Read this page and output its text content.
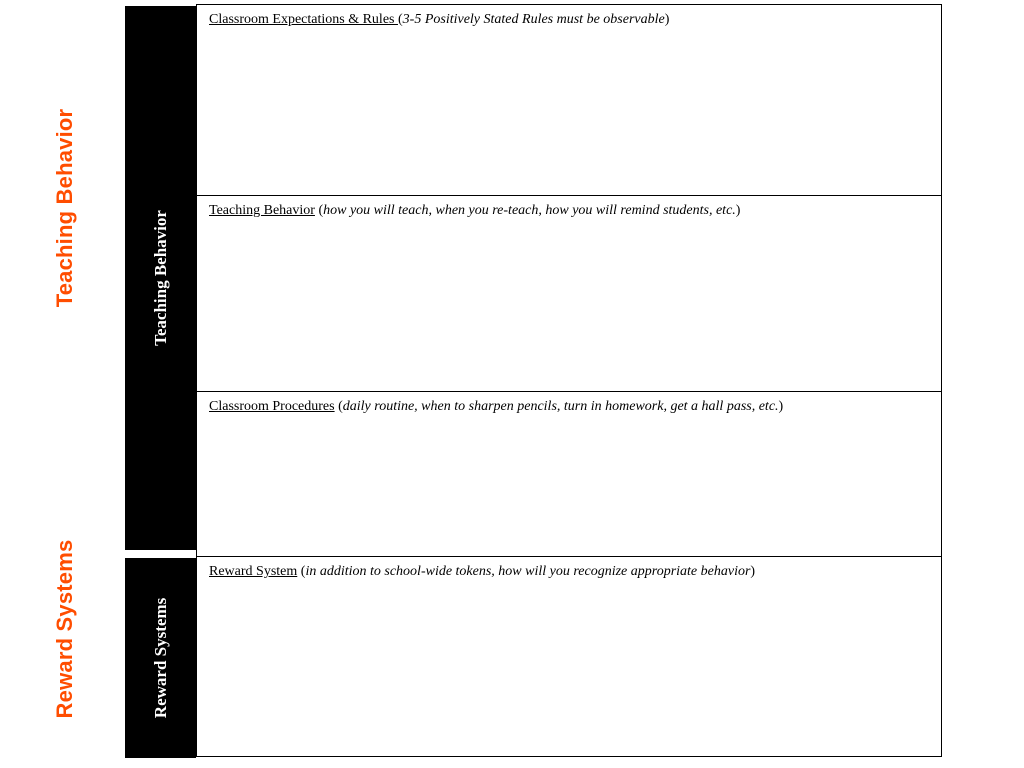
Teaching Behavior
Reward Systems
Teaching Behavior
Reward Systems
Classroom Expectations & Rules (3-5 Positively Stated Rules must be observable)
Teaching Behavior (how you will teach, when you re-teach, how you will remind students, etc.)
Classroom Procedures (daily routine, when to sharpen pencils, turn in homework, get a hall pass, etc.)
Reward System (in addition to school-wide tokens, how will you recognize appropriate behavior)
